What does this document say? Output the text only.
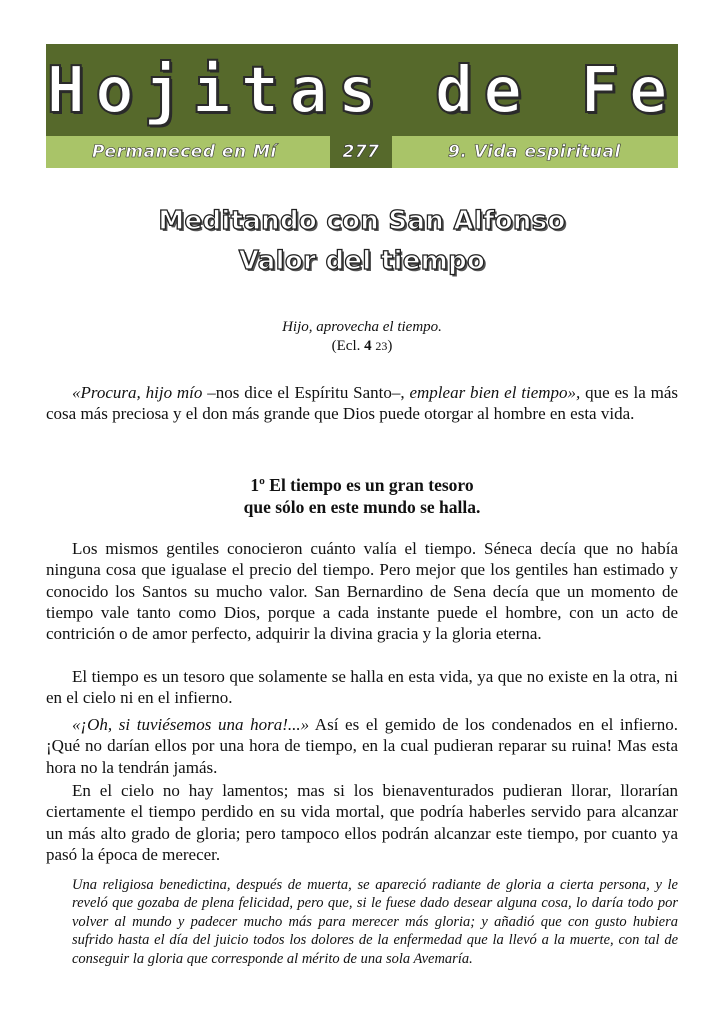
Hojitas de Fe
Permaneced en Mí	277	9. Vida espiritual
Meditando con San Alfonso
Valor del tiempo
Hijo, aprovecha el tiempo.
(Ecl. 4 23)

«Procura, hijo mío –nos dice el Espíritu Santo–, emplear bien el tiempo», que es la más cosa más preciosa y el don más grande que Dios puede otorgar al hombre en esta vida.

1º El tiempo es un gran tesoro
que sólo en este mundo se halla.

Los mismos gentiles conocieron cuánto valía el tiempo. Séneca decía que no había ninguna cosa que igualase el precio del tiempo. Pero mejor que los gentiles han estimado y conocido los Santos su mucho valor. San Bernardino de Sena decía que un momento de tiempo vale tanto como Dios, porque a cada instante puede el hombre, con un acto de contrición o de amor perfecto, adquirir la divina gracia y la gloria eterna.

El tiempo es un tesoro que solamente se halla en esta vida, ya que no existe en la otra, ni en el cielo ni en el infierno.

«¡Oh, si tuviésemos una hora!...» Así es el gemido de los condenados en el infierno. ¡Qué no darían ellos por una hora de tiempo, en la cual pudieran reparar su ruina! Mas esta hora no la tendrán jamás.

En el cielo no hay lamentos; mas si los bienaventurados pudieran llorar, llorarían ciertamente el tiempo perdido en su vida mortal, que podría haberles servido para alcanzar un más alto grado de gloria; pero tampoco ellos podrán alcanzar este tiempo, por cuanto ya pasó la época de merecer.

Una religiosa benedictina, después de muerta, se apareció radiante de gloria a cierta persona, y le reveló que gozaba de plena felicidad, pero que, si le fuese dado desear alguna cosa, lo daría todo por volver al mundo y padecer mucho más para merecer más gloria; y añadió que con gusto hubiera sufrido hasta el día del juicio todos los dolores de la enfermedad que la llevó a la muerte, con tal de conseguir la gloria que corresponde al mérito de una sola Avemaría.
